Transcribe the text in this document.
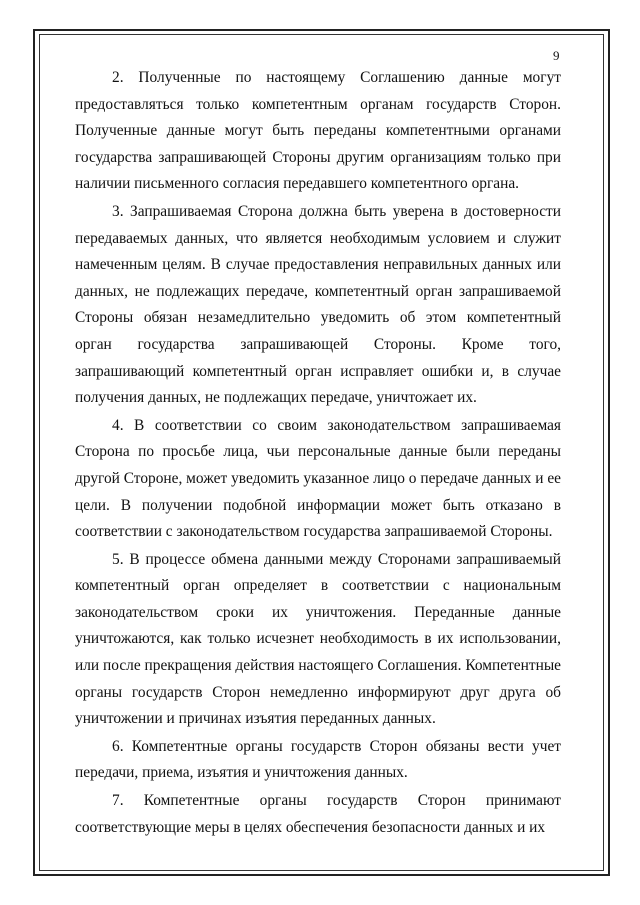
9

2. Полученные по настоящему Соглашению данные могут предоставляться только компетентным органам государств Сторон. Полученные данные могут быть переданы компетентными органами государства запрашивающей Стороны другим организациям только при наличии письменного согласия передавшего компетентного органа.

3. Запрашиваемая Сторона должна быть уверена в достоверности передаваемых данных, что является необходимым условием и служит намеченным целям. В случае предоставления неправильных данных или данных, не подлежащих передаче, компетентный орган запрашиваемой Стороны обязан незамедлительно уведомить об этом компетентный орган государства запрашивающей Стороны. Кроме того, запрашивающий компетентный орган исправляет ошибки и, в случае получения данных, не подлежащих передаче, уничтожает их.

4. В соответствии со своим законодательством запрашиваемая Сторона по просьбе лица, чьи персональные данные были переданы другой Стороне, может уведомить указанное лицо о передаче данных и ее цели. В получении подобной информации может быть отказано в соответствии с законодательством государства запрашиваемой Стороны.

5. В процессе обмена данными между Сторонами запрашиваемый компетентный орган определяет в соответствии с национальным законодательством сроки их уничтожения. Переданные данные уничтожаются, как только исчезнет необходимость в их использовании, или после прекращения действия настоящего Соглашения. Компетентные органы государств Сторон немедленно информируют друг друга об уничтожении и причинах изъятия переданных данных.

6. Компетентные органы государств Сторон обязаны вести учет передачи, приема, изъятия и уничтожения данных.

7. Компетентные органы государств Сторон принимают соответствующие меры в целях обеспечения безопасности данных и их
